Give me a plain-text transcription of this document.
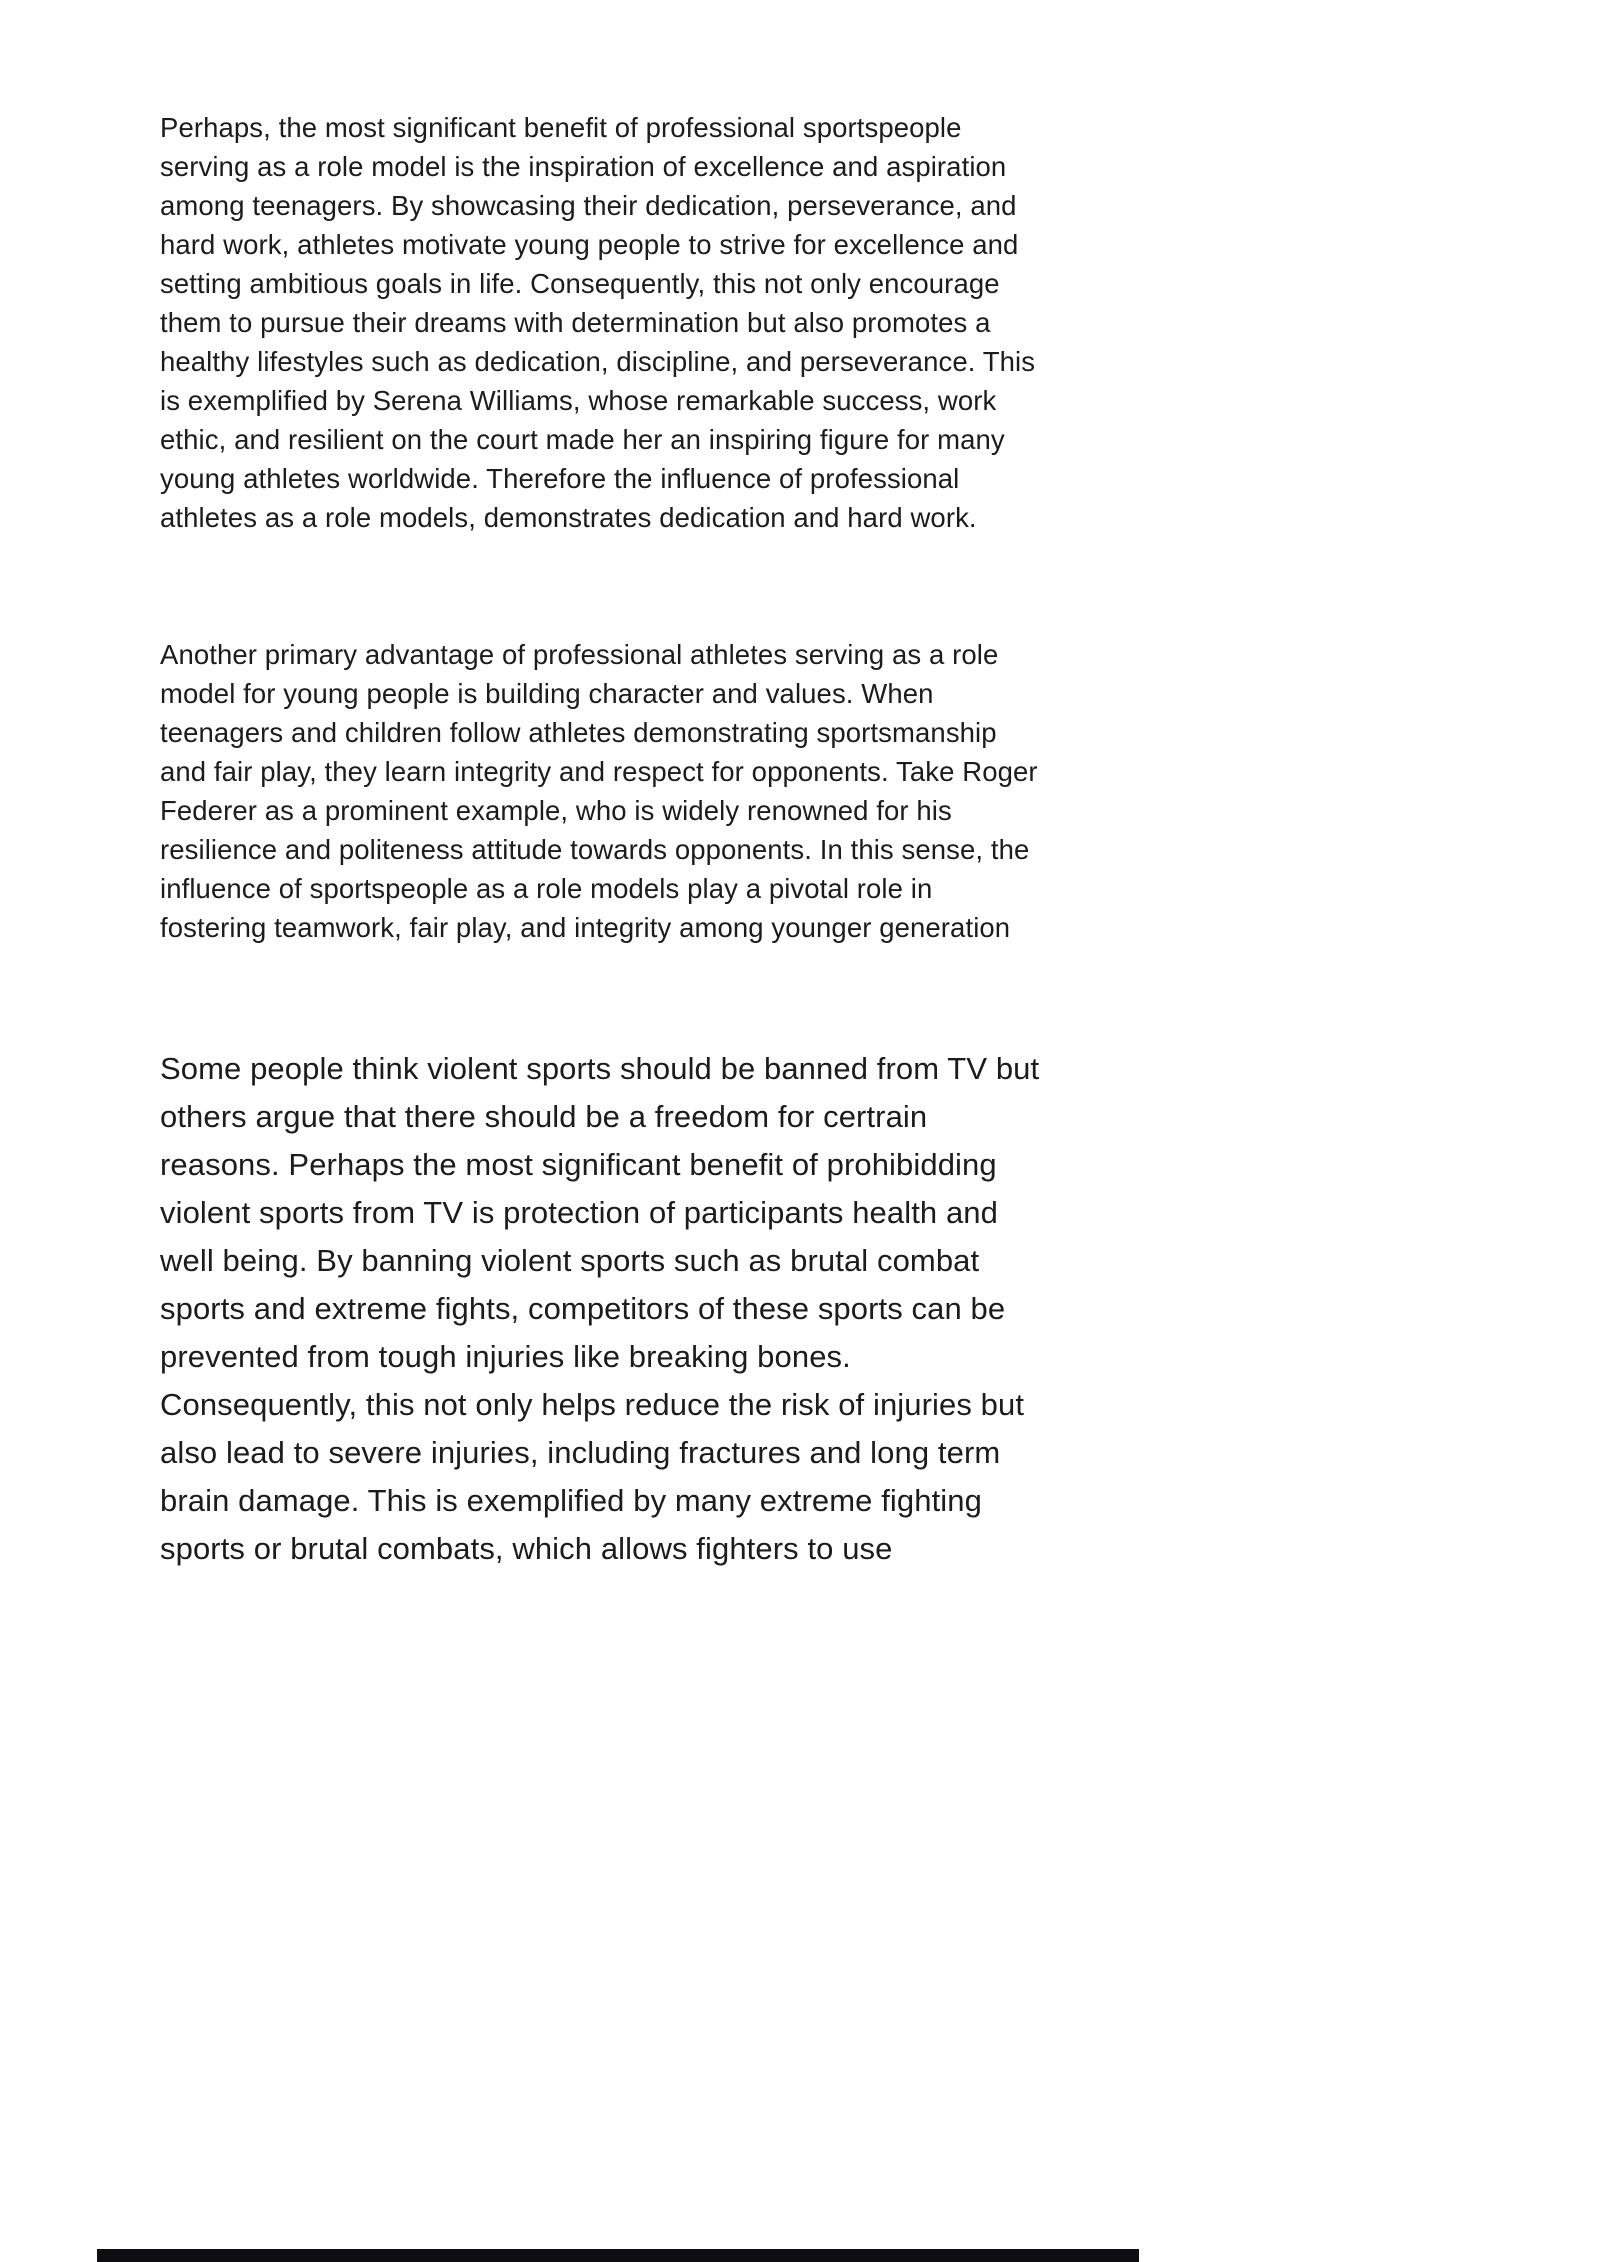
Perhaps, the most significant benefit of professional sportspeople serving as a role model is the inspiration of excellence and aspiration among teenagers. By showcasing their dedication, perseverance, and hard work, athletes motivate young people to strive for excellence and setting ambitious goals in life. Consequently, this not only encourage them to pursue their dreams with determination but also promotes a healthy lifestyles such as dedication, discipline, and perseverance. This is exemplified by Serena Williams, whose remarkable success, work ethic, and resilient on the court made her an inspiring figure for many young athletes worldwide. Therefore the influence of professional athletes as a role models, demonstrates dedication and hard work.

Another primary advantage of professional athletes serving as a role model for young people is building character and values. When teenagers and children follow athletes demonstrating sportsmanship and fair play, they learn integrity and respect for opponents. Take Roger Federer as a prominent example, who is widely renowned for his resilience and politeness attitude towards opponents. In this sense, the influence of sportspeople as a role models play a pivotal role in fostering teamwork, fair play, and integrity among younger generation

Some people think violent sports should be banned from TV but others argue that there should be a freedom for certrain reasons. Perhaps the most significant benefit of prohibidding violent sports from TV is protection of participants health and well being. By banning violent sports such as brutal combat sports and extreme fights, competitors of these sports can be prevented from tough injuries like breaking bones. Consequently, this not only helps reduce the risk of injuries but also lead to severe injuries, including fractures and long term brain damage. This is exemplified by many extreme fighting sports or brutal combats, which allows fighters to use
